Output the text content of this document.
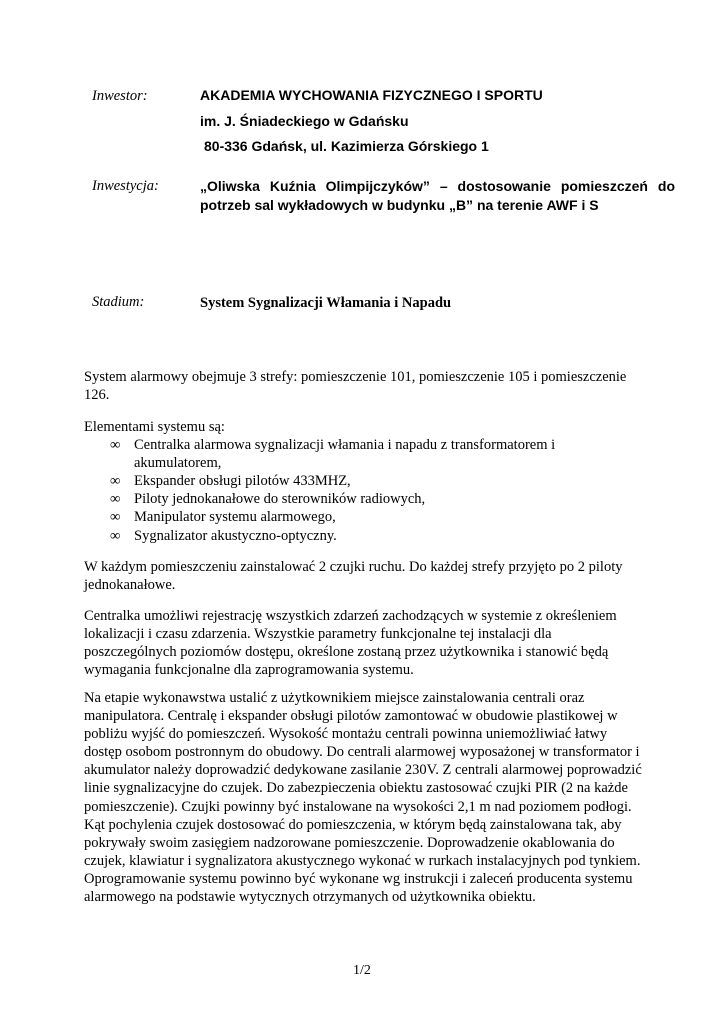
Inwestor:	AKADEMIA WYCHOWANIA FIZYCZNEGO I SPORTU
im. J. Śniadeckiego w Gdańsku
80-336 Gdańsk, ul. Kazimierza Górskiego 1
Inwestycja:	„Oliwska Kuźnia Olimpijczyków” – dostosowanie pomieszczeń do potrzeb sal wykładowych w budynku „B” na terenie AWF i S
Stadium:	System Sygnalizacji Włamania i Napadu

System alarmowy obejmuje 3 strefy: pomieszczenie 101, pomieszczenie 105 i pomieszczenie 126.

Elementami systemu są:

∞ Centralka alarmowa sygnalizacji włamania i napadu z transformatorem i akumulatorem,
∞ Ekspander obsługi pilotów 433MHZ,
∞ Piloty jednokanałowe do sterowników radiowych,
∞ Manipulator systemu alarmowego,
∞ Sygnalizator akustyczno-optyczny.

W każdym pomieszczeniu zainstalować 2 czujki ruchu. Do każdej strefy przyjęto po 2 piloty jednokanałowe.

Centralka umożliwi rejestrację wszystkich zdarzeń zachodzących w systemie z określeniem lokalizacji i czasu zdarzenia. Wszystkie parametry funkcjonalne tej instalacji dla poszczególnych poziomów dostępu, określone zostaną przez użytkownika i stanowić będą wymagania funkcjonalne dla zaprogramowania systemu.

Na etapie wykonawstwa ustalić z użytkownikiem miejsce zainstalowania centrali oraz manipulatora. Centralę i ekspander obsługi pilotów zamontować w obudowie plastikowej w pobliżu wyjść do pomieszczeń. Wysokość montażu centrali powinna uniemożliwiać łatwy dostęp osobom postronnym do obudowy. Do centrali alarmowej wyposażonej w transformator i akumulator należy doprowadzić dedykowane zasilanie 230V. Z centrali alarmowej poprowadzić linie sygnalizacyjne do czujek. Do zabezpieczenia obiektu zastosować czujki PIR (2 na każde pomieszczenie). Czujki powinny być instalowane na wysokości 2,1 m nad poziomem podłogi. Kąt pochylenia czujek dostosować do pomieszczenia, w którym będą zainstalowana tak, aby pokrywały swoim zasięgiem nadzorowane pomieszczenie. Doprowadzenie okablowania do czujek, klawiatur i sygnalizatora akustycznego wykonać w rurkach instalacyjnych pod tynkiem. Oprogramowanie systemu powinno być wykonane wg instrukcji i zaleceń producenta systemu alarmowego na podstawie wytycznych otrzymanych od użytkownika obiektu.

1/2
